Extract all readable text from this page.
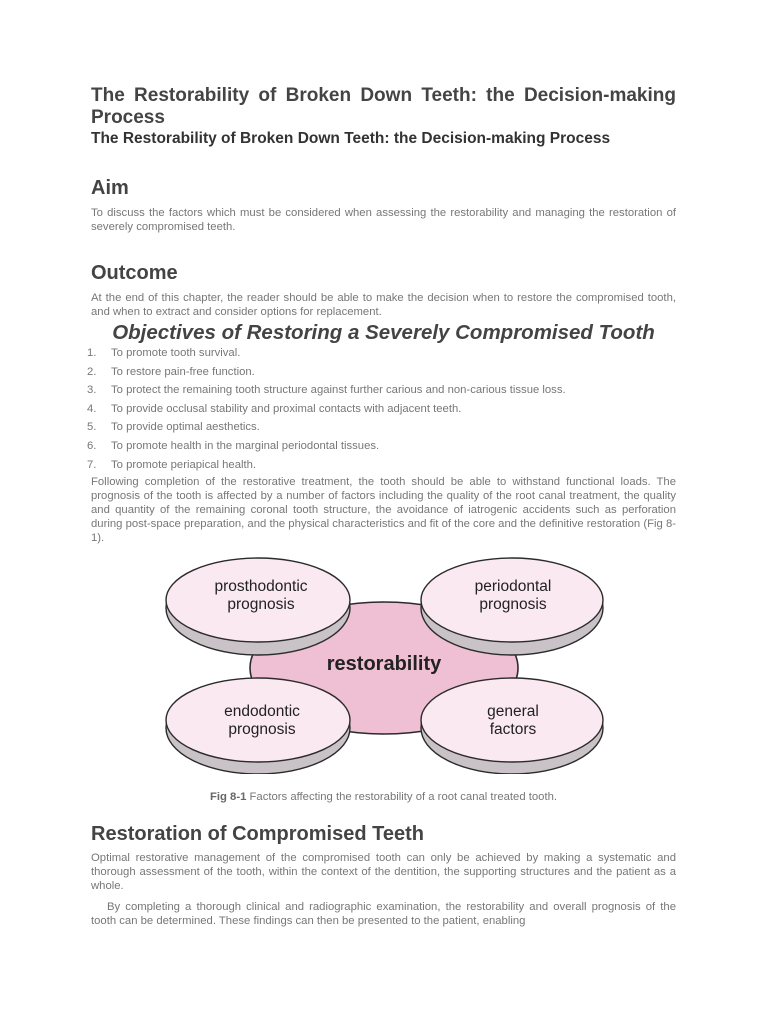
The Restorability of Broken Down Teeth: the Decision-making Process
The Restorability of Broken Down Teeth: the Decision-making Process
Aim

To discuss the factors which must be considered when assessing the restorability and managing the restoration of severely compromised teeth.

Outcome

At the end of this chapter, the reader should be able to make the decision when to restore the compromised tooth, and when to extract and consider options for replacement.

Objectives of Restoring a Severely Compromised Tooth
1.	To promote tooth survival.
2.	To restore pain-free function.
3.	To protect the remaining tooth structure against further carious and non-carious tissue loss.
4.	To provide occlusal stability and proximal contacts with adjacent teeth.
5.	To provide optimal aesthetics.
6.	To promote health in the marginal periodontal tissues.
7.	To promote periapical health.

Following completion of the restorative treatment, the tooth should be able to withstand functional loads. The prognosis of the tooth is affected by a number of factors including the quality of the root canal treatment, the quality and quantity of the remaining coronal tooth structure, the avoidance of iatrogenic accidents such as perforation during post-space preparation, and the physical characteristics and fit of the core and the definitive restoration (Fig 8-1).

Fig 8-1 Factors affecting the restorability of a root canal treated tooth.

Restoration of Compromised Teeth

Optimal restorative management of the compromised tooth can only be achieved by making a systematic and thorough assessment of the tooth, within the context of the dentition, the supporting structures and the patient as a whole.

By completing a thorough clinical and radiographic examination, the restorability and overall prognosis of the tooth can be determined. These findings can then be presented to the patient, enabling

restorability
prosthodontic
prognosis
periodontal
prognosis
endodontic
prognosis
general
factors
